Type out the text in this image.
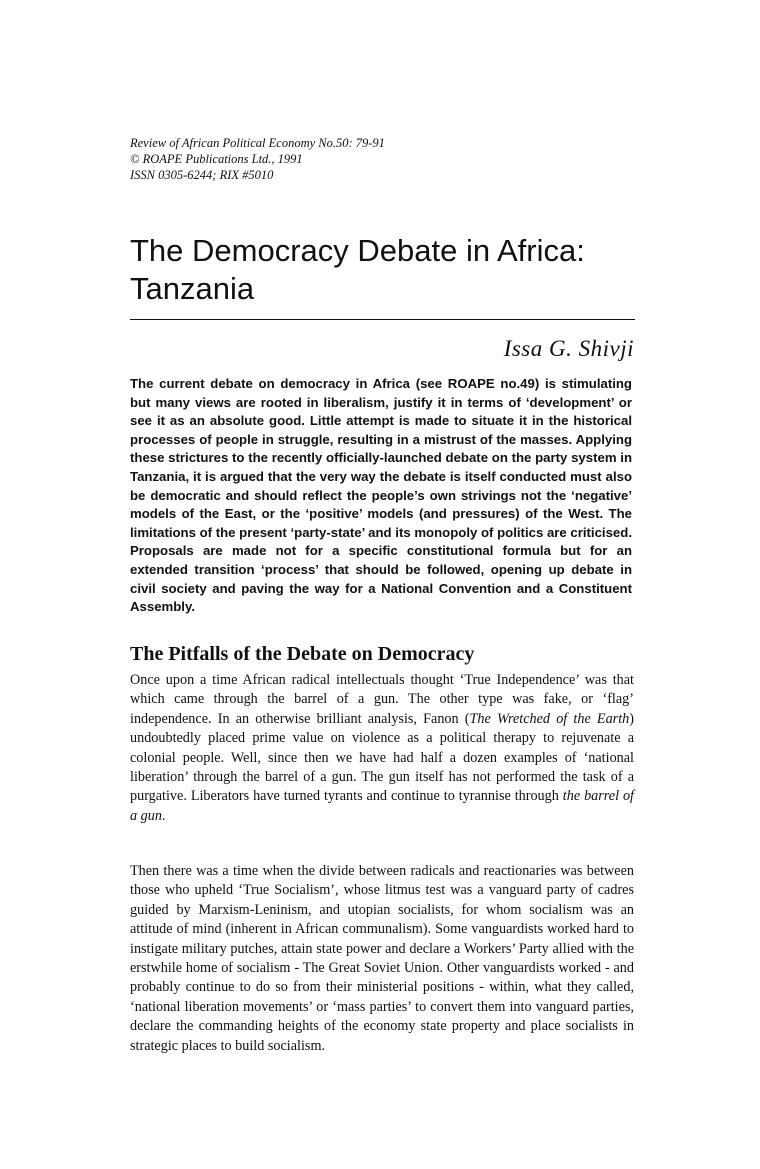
Review of African Political Economy No.50: 79-91
© ROAPE Publications Ltd., 1991
ISSN 0305-6244; RIX #5010
The Democracy Debate in Africa:
Tanzania
Issa G. Shivji

The current debate on democracy in Africa (see ROAPE no.49) is stimulating but many views are rooted in liberalism, justify it in terms of ‘development’ or see it as an absolute good. Little attempt is made to situate it in the historical processes of people in struggle, resulting in a mistrust of the masses. Applying these strictures to the recently officially-launched debate on the party system in Tanzania, it is argued that the very way the debate is itself conducted must also be democratic and should reflect the people’s own strivings not the ‘negative’ models of the East, or the ‘positive’ models (and pressures) of the West. The limitations of the present ‘party-state’ and its monopoly of politics are criticised. Proposals are made not for a specific constitutional formula but for an extended transition ‘process’ that should be followed, opening up debate in civil society and paving the way for a National Convention and a Constituent Assembly.

The Pitfalls of the Debate on Democracy

Once upon a time African radical intellectuals thought ‘True Independence’ was that which came through the barrel of a gun. The other type was fake, or ‘flag’ independence. In an otherwise brilliant analysis, Fanon (The Wretched of the Earth) undoubtedly placed prime value on violence as a political therapy to rejuvenate a colonial people. Well, since then we have had half a dozen examples of ‘national liberation’ through the barrel of a gun. The gun itself has not performed the task of a purgative. Liberators have turned tyrants and continue to tyrannise through the barrel of a gun.

Then there was a time when the divide between radicals and reactionaries was between those who upheld ‘True Socialism’, whose litmus test was a vanguard party of cadres guided by Marxism-Leninism, and utopian socialists, for whom socialism was an attitude of mind (inherent in African communalism). Some vanguardists worked hard to instigate military putches, attain state power and declare a Workers’ Party allied with the erstwhile home of socialism - The Great Soviet Union. Other vanguardists worked - and probably continue to do so from their ministerial positions - within, what they called, ‘national liberation movements’ or ‘mass parties’ to convert them into vanguard parties, declare the commanding heights of the economy state property and place socialists in strategic places to build socialism.
